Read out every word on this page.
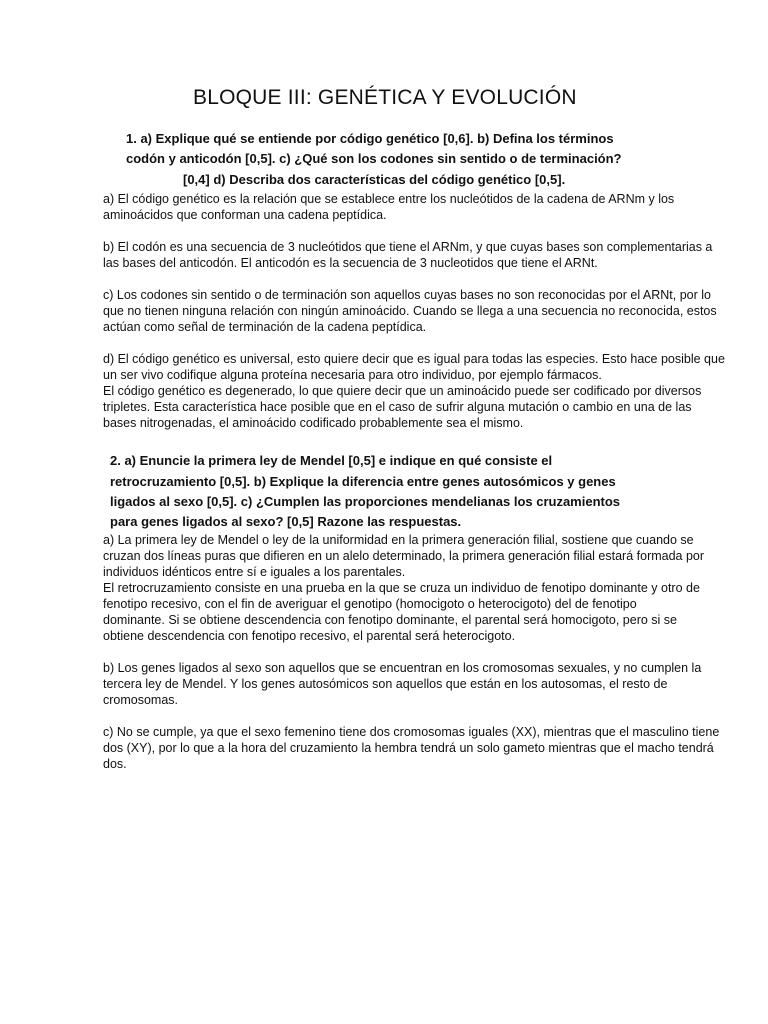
BLOQUE III: GENÉTICA Y EVOLUCIÓN
1. a) Explique qué se entiende por código genético [0,6]. b) Defina los términos
codón y anticodón [0,5]. c) ¿Qué son los codones sin sentido o de terminación?
[0,4] d) Describa dos características del código genético [0,5].
a) El código genético es la relación que se establece entre los nucleótidos de la cadena de ARNm y los
aminoácidos que conforman una cadena peptídica.
b) El codón es una secuencia de 3 nucleótidos que tiene el ARNm, y que cuyas bases son complementarias a
las bases del anticodón. El anticodón es la secuencia de 3 nucleotidos que tiene el ARNt.
c) Los codones sin sentido o de terminación son aquellos cuyas bases no son reconocidas por el ARNt, por lo
que no tienen ninguna relación con ningún aminoácido. Cuando se llega a una secuencia no reconocida, estos
actúan como señal de terminación de la cadena peptídica.
d) El código genético es universal, esto quiere decir que es igual para todas las especies. Esto hace posible que
un ser vivo codifique alguna proteína necesaria para otro individuo, por ejemplo fármacos.
El código genético es degenerado, lo que quiere decir que un aminoácido puede ser codificado por diversos
tripletes. Esta característica hace posible que en el caso de sufrir alguna mutación o cambio en una de las
bases nitrogenadas, el aminoácido codificado probablemente sea el mismo.
2. a) Enuncie la primera ley de Mendel [0,5] e indique en qué consiste el
retrocruzamiento [0,5]. b) Explique la diferencia entre genes autosómicos y genes
ligados al sexo [0,5]. c) ¿Cumplen las proporciones mendelianas los cruzamientos
para genes ligados al sexo? [0,5] Razone las respuestas.
a) La primera ley de Mendel o ley de la uniformidad en la primera generación filial, sostiene que cuando se
cruzan dos líneas puras que difieren en un alelo determinado, la primera generación filial estará formada por
individuos idénticos entre sí e iguales a los parentales.
El retrocruzamiento consiste en una prueba en la que se cruza un individuo de fenotipo dominante y otro de
fenotipo recesivo, con el fin de averiguar el genotipo (homocigoto o heterocigoto) del de fenotipo
dominante. Si se obtiene descendencia con fenotipo dominante, el parental será homocigoto, pero si se
obtiene descendencia con fenotipo recesivo, el parental será heterocigoto.
b) Los genes ligados al sexo son aquellos que se encuentran en los cromosomas sexuales, y no cumplen la
tercera ley de Mendel. Y los genes autosómicos son aquellos que están en los autosomas, el resto de
cromosomas.
c) No se cumple, ya que el sexo femenino tiene dos cromosomas iguales (XX), mientras que el masculino tiene
dos (XY), por lo que a la hora del cruzamiento la hembra tendrá un solo gameto mientras que el macho tendrá
dos.
